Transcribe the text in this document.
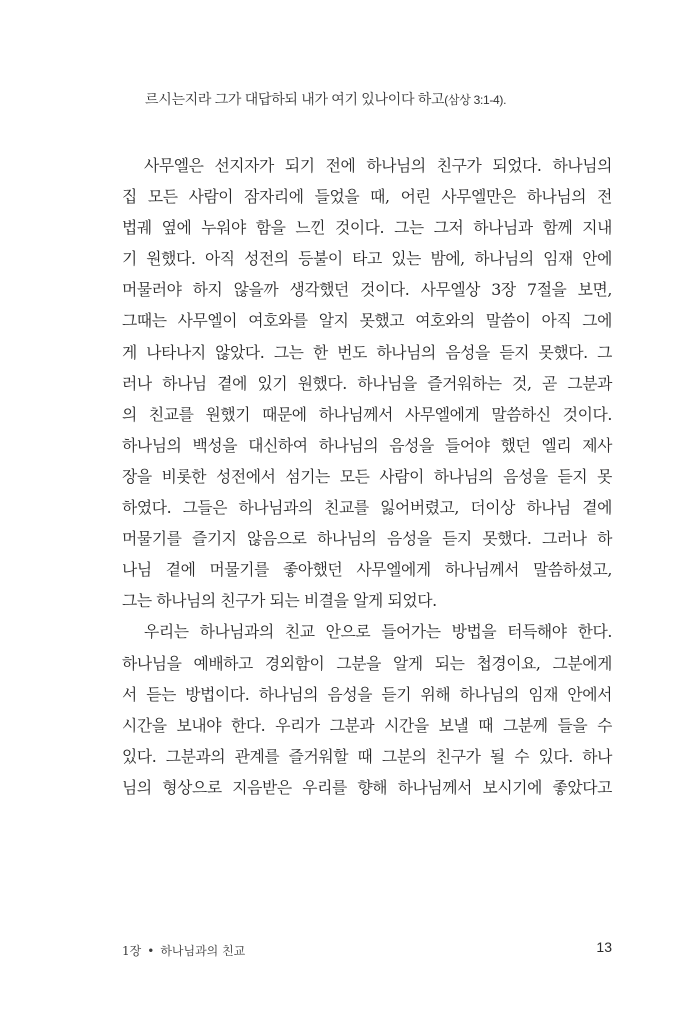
르시는지라 그가 대답하되 내가 여기 있나이다 하고(삼상 3:1-4).
사무엘은 선지자가 되기 전에 하나님의 친구가 되었다. 하나님의
집 모든 사람이 잠자리에 들었을 때, 어린 사무엘만은 하나님의 전
법궤 옆에 누워야 함을 느낀 것이다. 그는 그저 하나님과 함께 지내
기 원했다. 아직 성전의 등불이 타고 있는 밤에, 하나님의 임재 안에
머물러야 하지 않을까 생각했던 것이다. 사무엘상 3장 7절을 보면,
그때는 사무엘이 여호와를 알지 못했고 여호와의 말씀이 아직 그에
게 나타나지 않았다. 그는 한 번도 하나님의 음성을 듣지 못했다. 그
러나 하나님 곁에 있기 원했다. 하나님을 즐거워하는 것, 곧 그분과
의 친교를 원했기 때문에 하나님께서 사무엘에게 말씀하신 것이다.
하나님의 백성을 대신하여 하나님의 음성을 들어야 했던 엘리 제사
장을 비롯한 성전에서 섬기는 모든 사람이 하나님의 음성을 듣지 못
하였다. 그들은 하나님과의 친교를 잃어버렸고, 더이상 하나님 곁에
머물기를 즐기지 않음으로 하나님의 음성을 듣지 못했다. 그러나 하
나님 곁에 머물기를 좋아했던 사무엘에게 하나님께서 말씀하셨고,
그는 하나님의 친구가 되는 비결을 알게 되었다.
우리는 하나님과의 친교 안으로 들어가는 방법을 터득해야 한다.
하나님을 예배하고 경외함이 그분을 알게 되는 첩경이요, 그분에게
서 듣는 방법이다. 하나님의 음성을 듣기 위해 하나님의 임재 안에서
시간을 보내야 한다. 우리가 그분과 시간을 보낼 때 그분께 들을 수
있다. 그분과의 관계를 즐거워할 때 그분의 친구가 될 수 있다. 하나
님의 형상으로 지음받은 우리를 향해 하나님께서 보시기에 좋았다고
1장 • 하나님과의 친교	13
